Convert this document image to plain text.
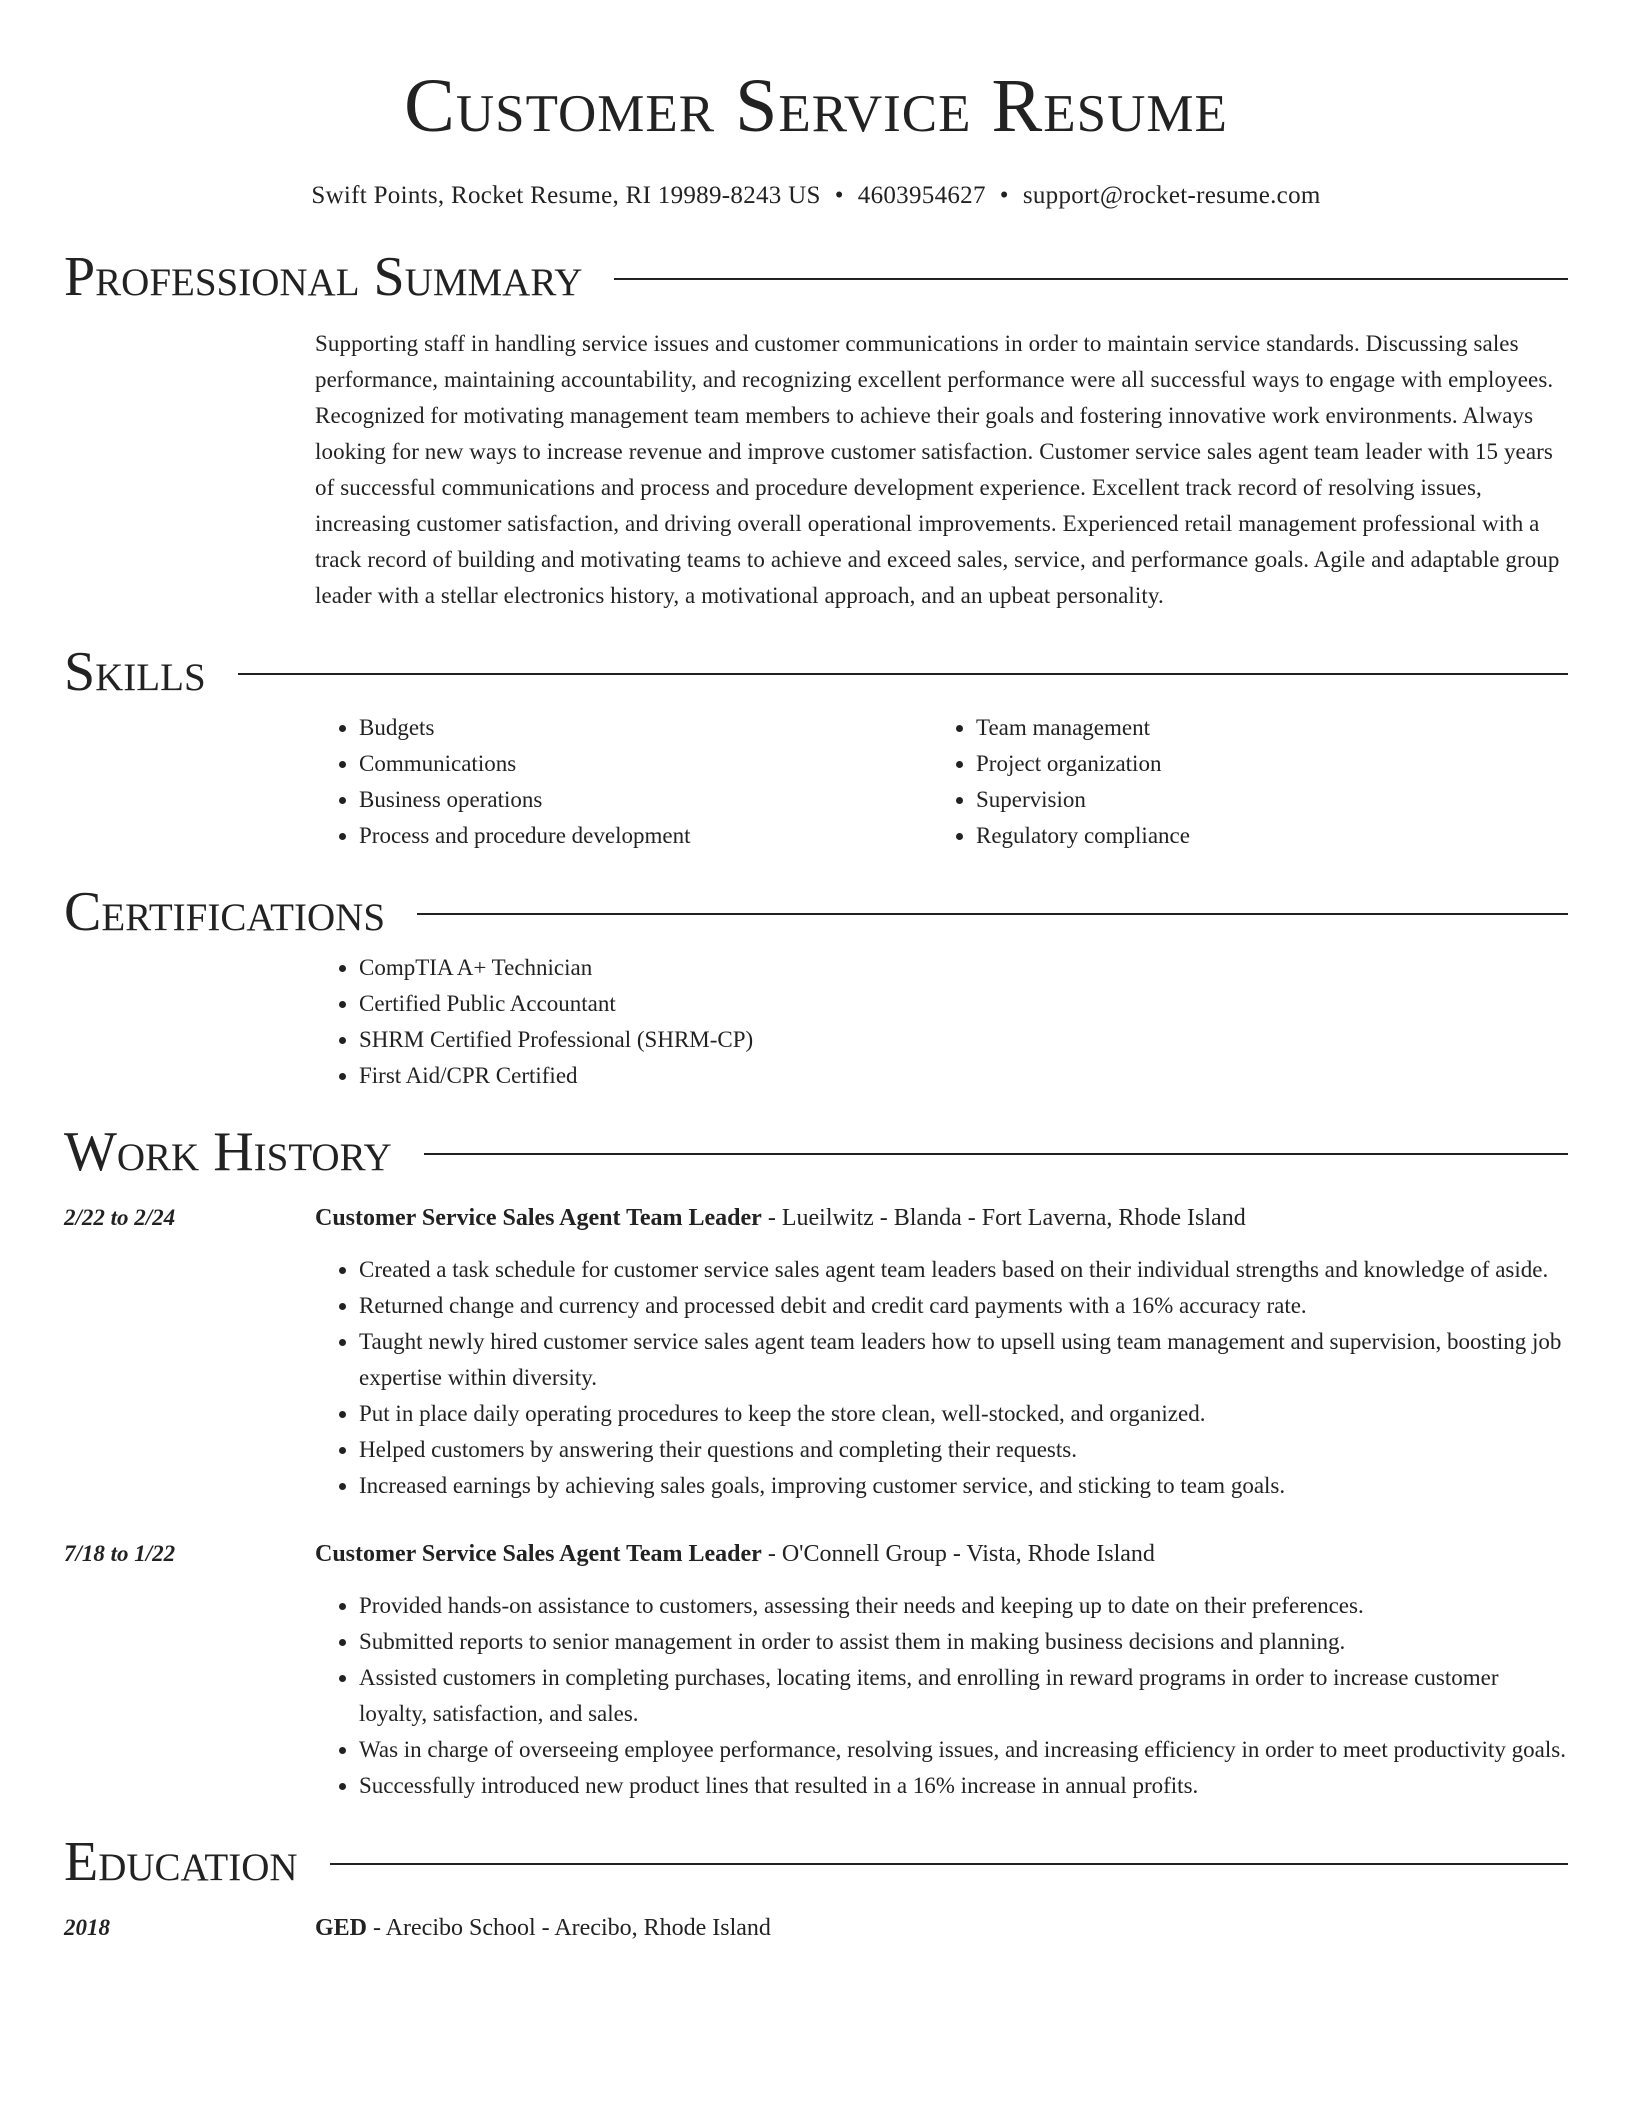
Customer Service Resume
Swift Points, Rocket Resume, RI 19989-8243 US • 4603954627 • support@rocket-resume.com
Professional Summary

Supporting staff in handling service issues and customer communications in order to maintain service standards. Discussing sales performance, maintaining accountability, and recognizing excellent performance were all successful ways to engage with employees. Recognized for motivating management team members to achieve their goals and fostering innovative work environments. Always looking for new ways to increase revenue and improve customer satisfaction. Customer service sales agent team leader with 15 years of successful communications and process and procedure development experience. Excellent track record of resolving issues, increasing customer satisfaction, and driving overall operational improvements. Experienced retail management professional with a track record of building and motivating teams to achieve and exceed sales, service, and performance goals. Agile and adaptable group leader with a stellar electronics history, a motivational approach, and an upbeat personality.

Skills
• Budgets
• Communications
• Business operations
• Process and procedure development
• Team management
• Project organization
• Supervision
• Regulatory compliance
Certifications
• CompTIA A+ Technician
• Certified Public Accountant
• SHRM Certified Professional (SHRM-CP)
• First Aid/CPR Certified
Work History
2/22 to 2/24	Customer Service Sales Agent Team Leader - Lueilwitz - Blanda - Fort Laverna, Rhode Island
• Created a task schedule for customer service sales agent team leaders based on their individual strengths and knowledge of aside.
• Returned change and currency and processed debit and credit card payments with a 16% accuracy rate.
• Taught newly hired customer service sales agent team leaders how to upsell using team management and supervision, boosting job expertise within diversity.
• Put in place daily operating procedures to keep the store clean, well-stocked, and organized.
• Helped customers by answering their questions and completing their requests.
• Increased earnings by achieving sales goals, improving customer service, and sticking to team goals.
7/18 to 1/22	Customer Service Sales Agent Team Leader - O'Connell Group - Vista, Rhode Island
• Provided hands-on assistance to customers, assessing their needs and keeping up to date on their preferences.
• Submitted reports to senior management in order to assist them in making business decisions and planning.
• Assisted customers in completing purchases, locating items, and enrolling in reward programs in order to increase customer loyalty, satisfaction, and sales.
• Was in charge of overseeing employee performance, resolving issues, and increasing efficiency in order to meet productivity goals.
• Successfully introduced new product lines that resulted in a 16% increase in annual profits.
Education
2018	GED - Arecibo School - Arecibo, Rhode Island
